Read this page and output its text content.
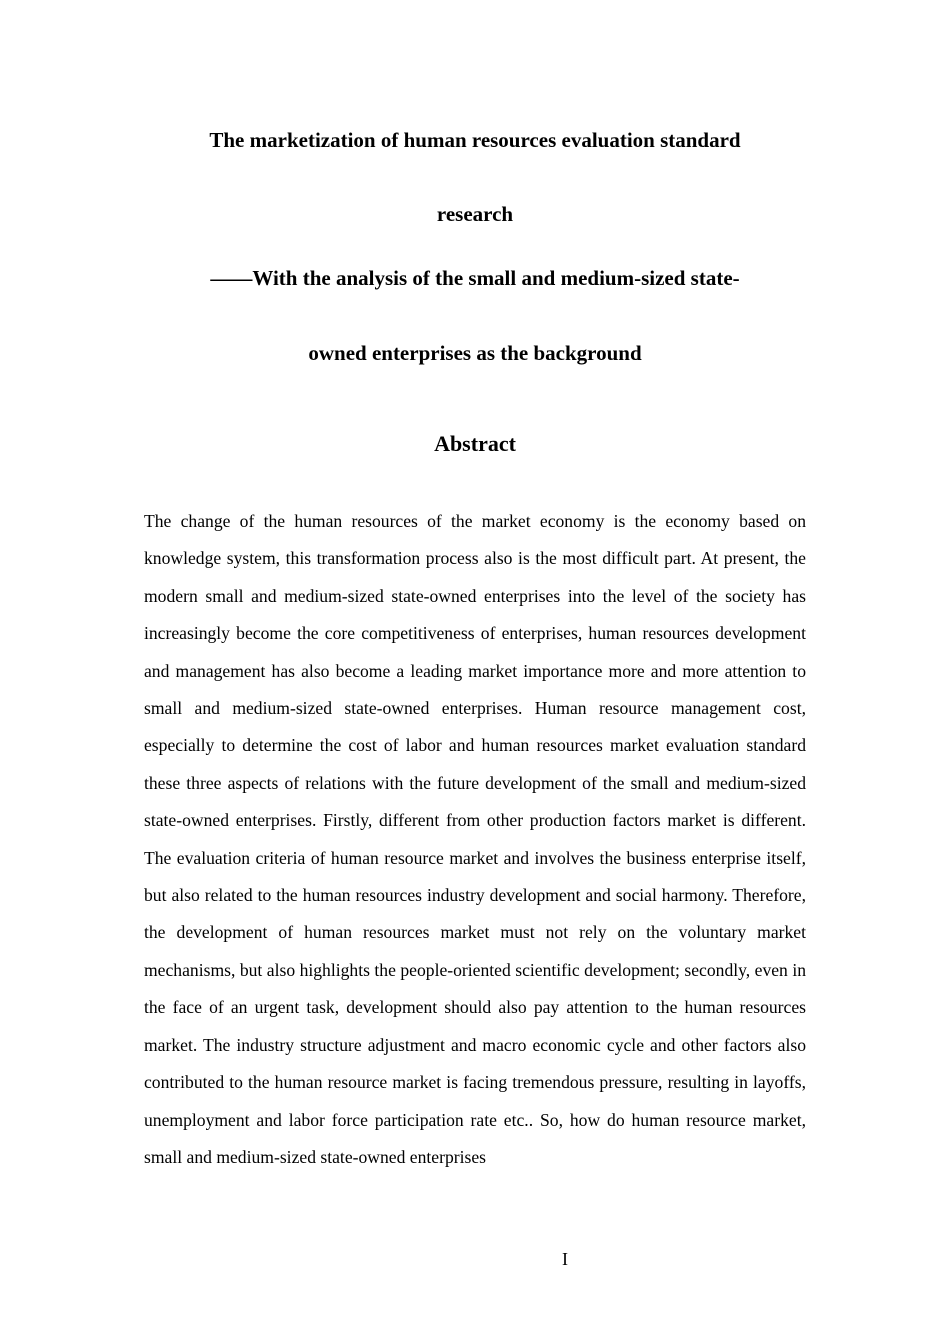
The marketization of human resources evaluation standard

research

——With the analysis of the small and medium-sized state-

owned enterprises as the background

Abstract

The change of the human resources of the market economy is the economy based on knowledge system, this transformation process also is the most difficult part. At present, the modern small and medium-sized state-owned enterprises into the level of the society has increasingly become the core competitiveness of enterprises, human resources development and management has also become a leading market importance more and more attention to small and medium-sized state-owned enterprises. Human resource management cost, especially to determine the cost of labor and human resources market evaluation standard these three aspects of relations with the future development of the small and medium-sized state-owned enterprises. Firstly, different from other production factors market is different. The evaluation criteria of human resource market and involves the business enterprise itself, but also related to the human resources industry development and social harmony. Therefore, the development of human resources market must not rely on the voluntary market mechanisms, but also highlights the people-oriented scientific development; secondly, even in the face of an urgent task, development should also pay attention to the human resources market. The industry structure adjustment and macro economic cycle and other factors also contributed to the human resource market is facing tremendous pressure, resulting in layoffs, unemployment and labor force participation rate etc.. So, how do human resource market, small and medium-sized state-owned enterprises

I
